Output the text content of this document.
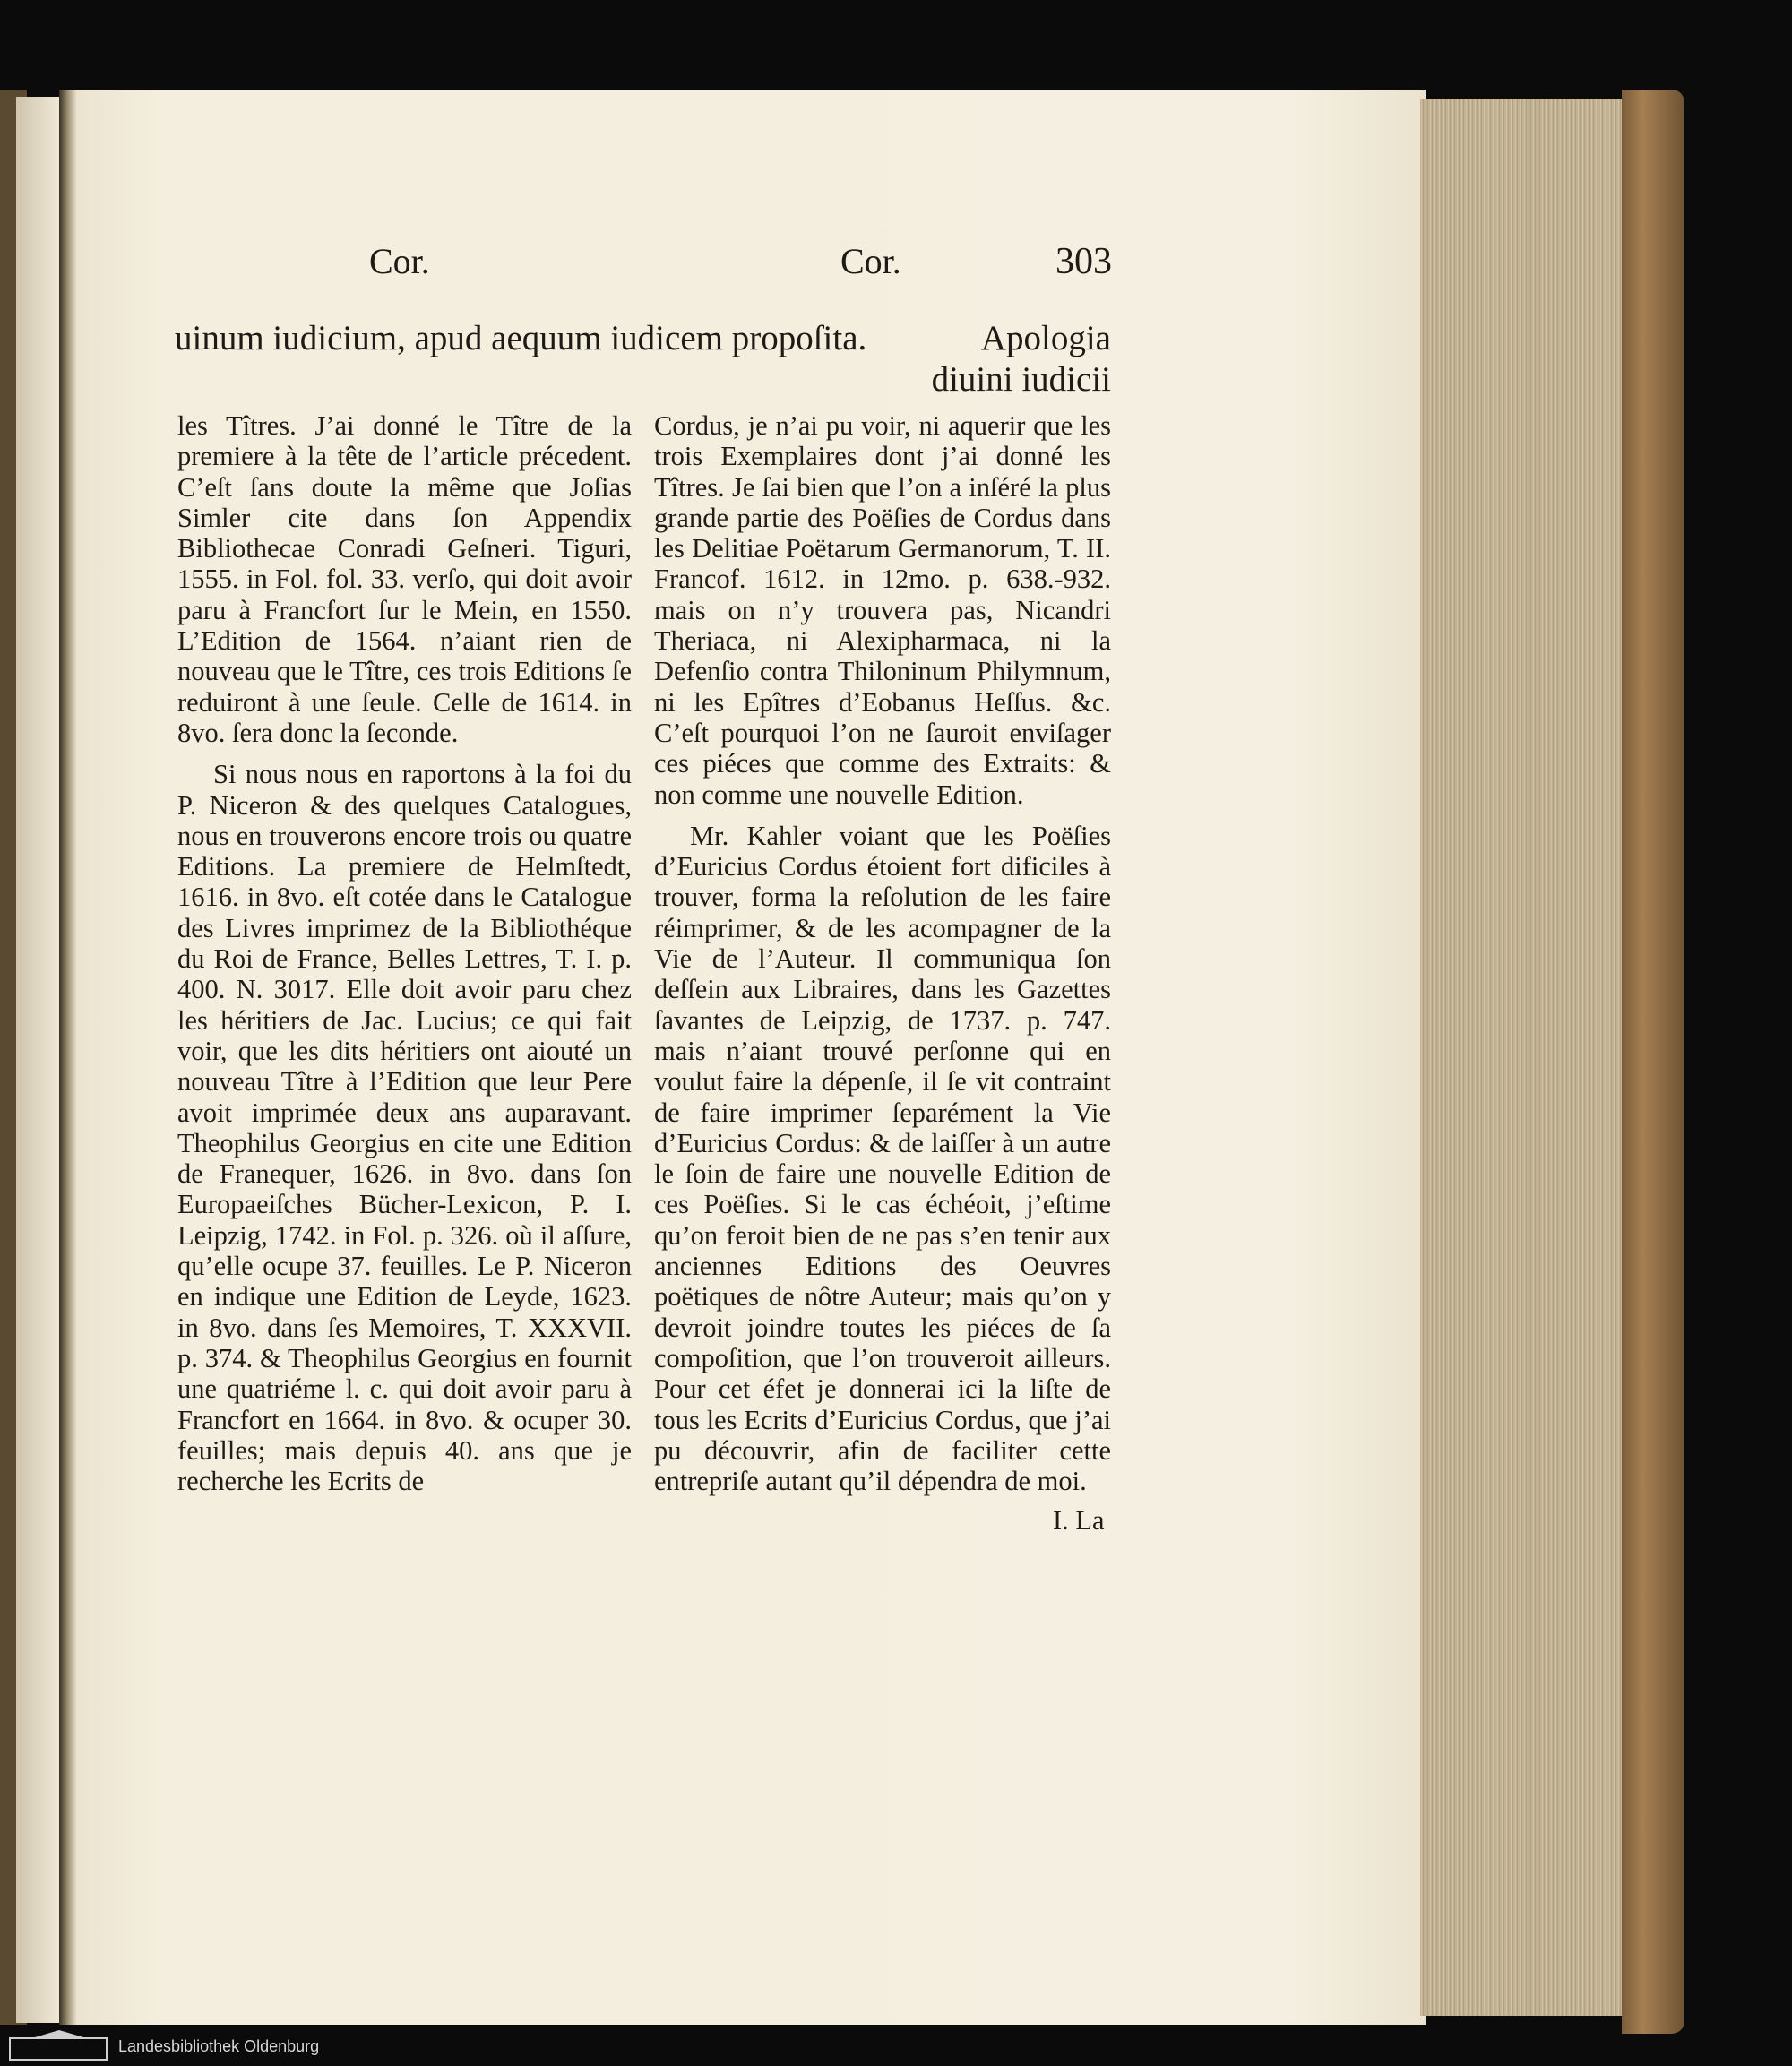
Cor.	Cor.	303
uinum iudicium, apud aequum iudicem propoſita.	Apologia diuini iudicii

les Tîtres. J’ai donné le Tître de la premiere à la tête de l’article précedent. C’eſt ſans doute la même que Joſias Simler cite dans ſon Appendix Bibliothecae Conradi Geſneri. Tiguri, 1555. in Fol. fol. 33. verſo, qui doit avoir paru à Francfort ſur le Mein, en 1550. L’Edition de 1564. n’aiant rien de nouveau que le Tître, ces trois Editions ſe reduiront à une ſeule. Celle de 1614. in 8vo. ſera donc la ſeconde.

Si nous nous en raportons à la foi du P. Niceron & des quelques Catalogues, nous en trouverons encore trois ou quatre Editions. La premiere de Helmſtedt, 1616. in 8vo. eſt cotée dans le Catalogue des Livres imprimez de la Bibliothéque du Roi de France, Belles Lettres, T. I. p. 400. N. 3017. Elle doit avoir paru chez les héritiers de Jac. Lucius; ce qui fait voir, que les dits héritiers ont aiouté un nouveau Tître à l’Edition que leur Pere avoit imprimée deux ans auparavant. Theophilus Georgius en cite une Edition de Franequer, 1626. in 8vo. dans ſon Europaeiſches Bücher-Lexicon, P. I. Leipzig, 1742. in Fol. p. 326. où il aſſure, qu’elle ocupe 37. feuilles. Le P. Niceron en indique une Edition de Leyde, 1623. in 8vo. dans ſes Memoires, T. XXXVII. p. 374. & Theophilus Georgius en fournit une quatriéme l. c. qui doit avoir paru à Francfort en 1664. in 8vo. & ocuper 30. feuilles; mais depuis 40. ans que je recherche les Ecrits de

Cordus, je n’ai pu voir, ni aquerir que les trois Exemplaires dont j’ai donné les Tîtres. Je ſai bien que l’on a inſéré la plus grande partie des Poëſies de Cordus dans les Delitiae Poëtarum Germanorum, T. II. Francof. 1612. in 12mo. p. 638.-932. mais on n’y trouvera pas, Nicandri Theriaca, ni Alexipharmaca, ni la Defenſio contra Thiloninum Philymnum, ni les Epîtres d’Eobanus Heſſus. &c. C’eſt pourquoi l’on ne ſauroit enviſager ces piéces que comme des Extraits: & non comme une nouvelle Edition.

Mr. Kahler voiant que les Poëſies d’Euricius Cordus étoient fort dificiles à trouver, forma la reſolution de les faire réimprimer, & de les acompagner de la Vie de l’Auteur. Il communiqua ſon deſſein aux Libraires, dans les Gazettes ſavantes de Leipzig, de 1737. p. 747. mais n’aiant trouvé perſonne qui en voulut faire la dépenſe, il ſe vit contraint de faire imprimer ſeparément la Vie d’Euricius Cordus: & de laiſſer à un autre le ſoin de faire une nouvelle Edition de ces Poëſies. Si le cas échéoit, j’eſtime qu’on feroit bien de ne pas s’en tenir aux anciennes Editions des Oeuvres poëtiques de nôtre Auteur; mais qu’on y devroit joindre toutes les piéces de ſa compoſition, que l’on trouveroit ailleurs. Pour cet éfet je donnerai ici la liſte de tous les Ecrits d’Euricius Cordus, que j’ai pu découvrir, afin de faciliter cette entrepriſe autant qu’il dépendra de moi.

I. La
Landesbibliothek Oldenburg
